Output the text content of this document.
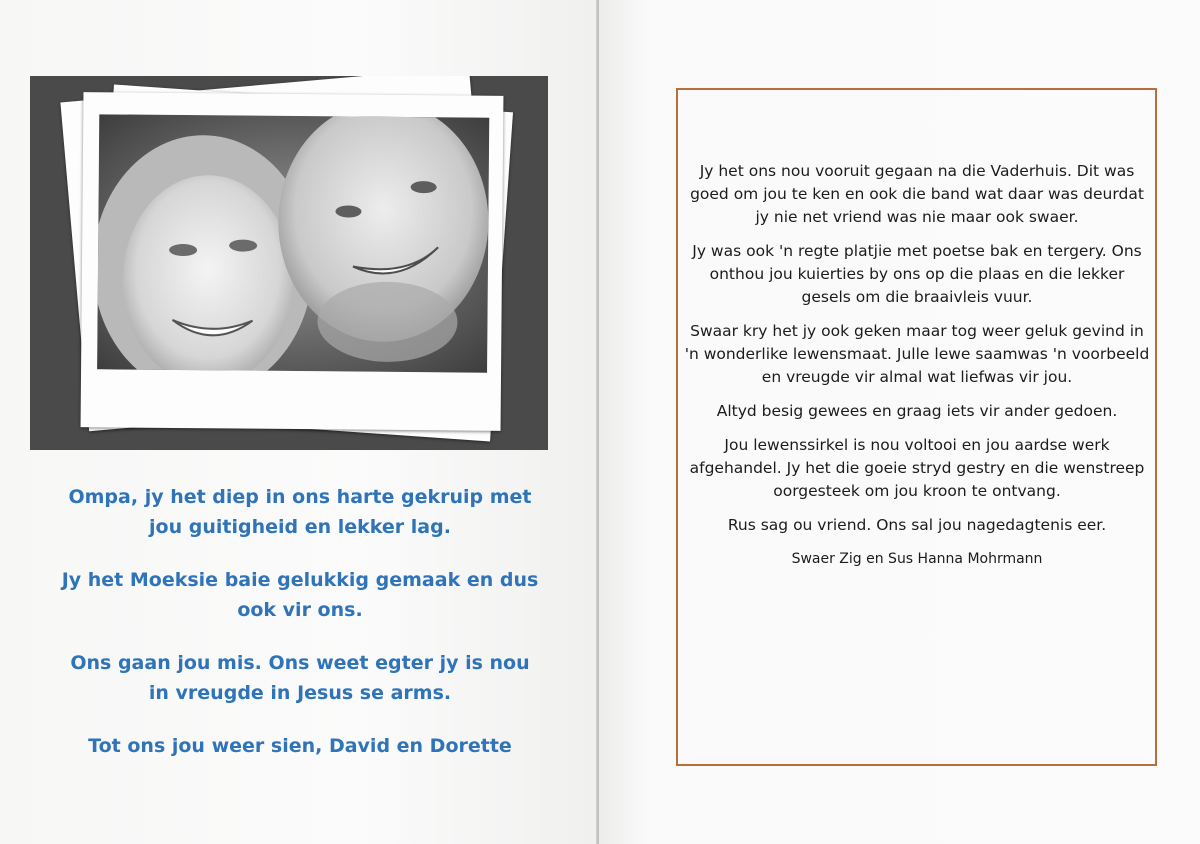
Ompa, jy het diep in ons harte gekruip met jou guitigheid en lekker lag.

Jy het Moeksie baie gelukkig gemaak en dus ook vir ons.

Ons gaan jou mis. Ons weet egter jy is nou in vreugde in Jesus se arms.

Tot ons jou weer sien, David en Dorette

Jy het ons nou vooruit gegaan na die Vaderhuis. Dit was goed om jou te ken en ook die band wat daar was deurdat jy nie net vriend was nie maar ook swaer.

Jy was ook 'n regte platjie met poetse bak en tergery. Ons onthou jou kuierties by ons op die plaas en die lekker gesels om die braaivleis vuur.

Swaar kry het jy ook geken maar tog weer geluk gevind in 'n wonderlike lewensmaat. Julle lewe saamwas 'n voorbeeld en vreugde vir almal wat liefwas vir jou.

Altyd besig gewees en graag iets vir ander gedoen.

Jou lewenssirkel is nou voltooi en jou aardse werk afgehandel. Jy het die goeie stryd gestry en die wenstreep oorgesteek om jou kroon te ontvang.

Rus sag ou vriend. Ons sal jou nagedagtenis eer.

Swaer Zig en Sus Hanna Mohrmann
